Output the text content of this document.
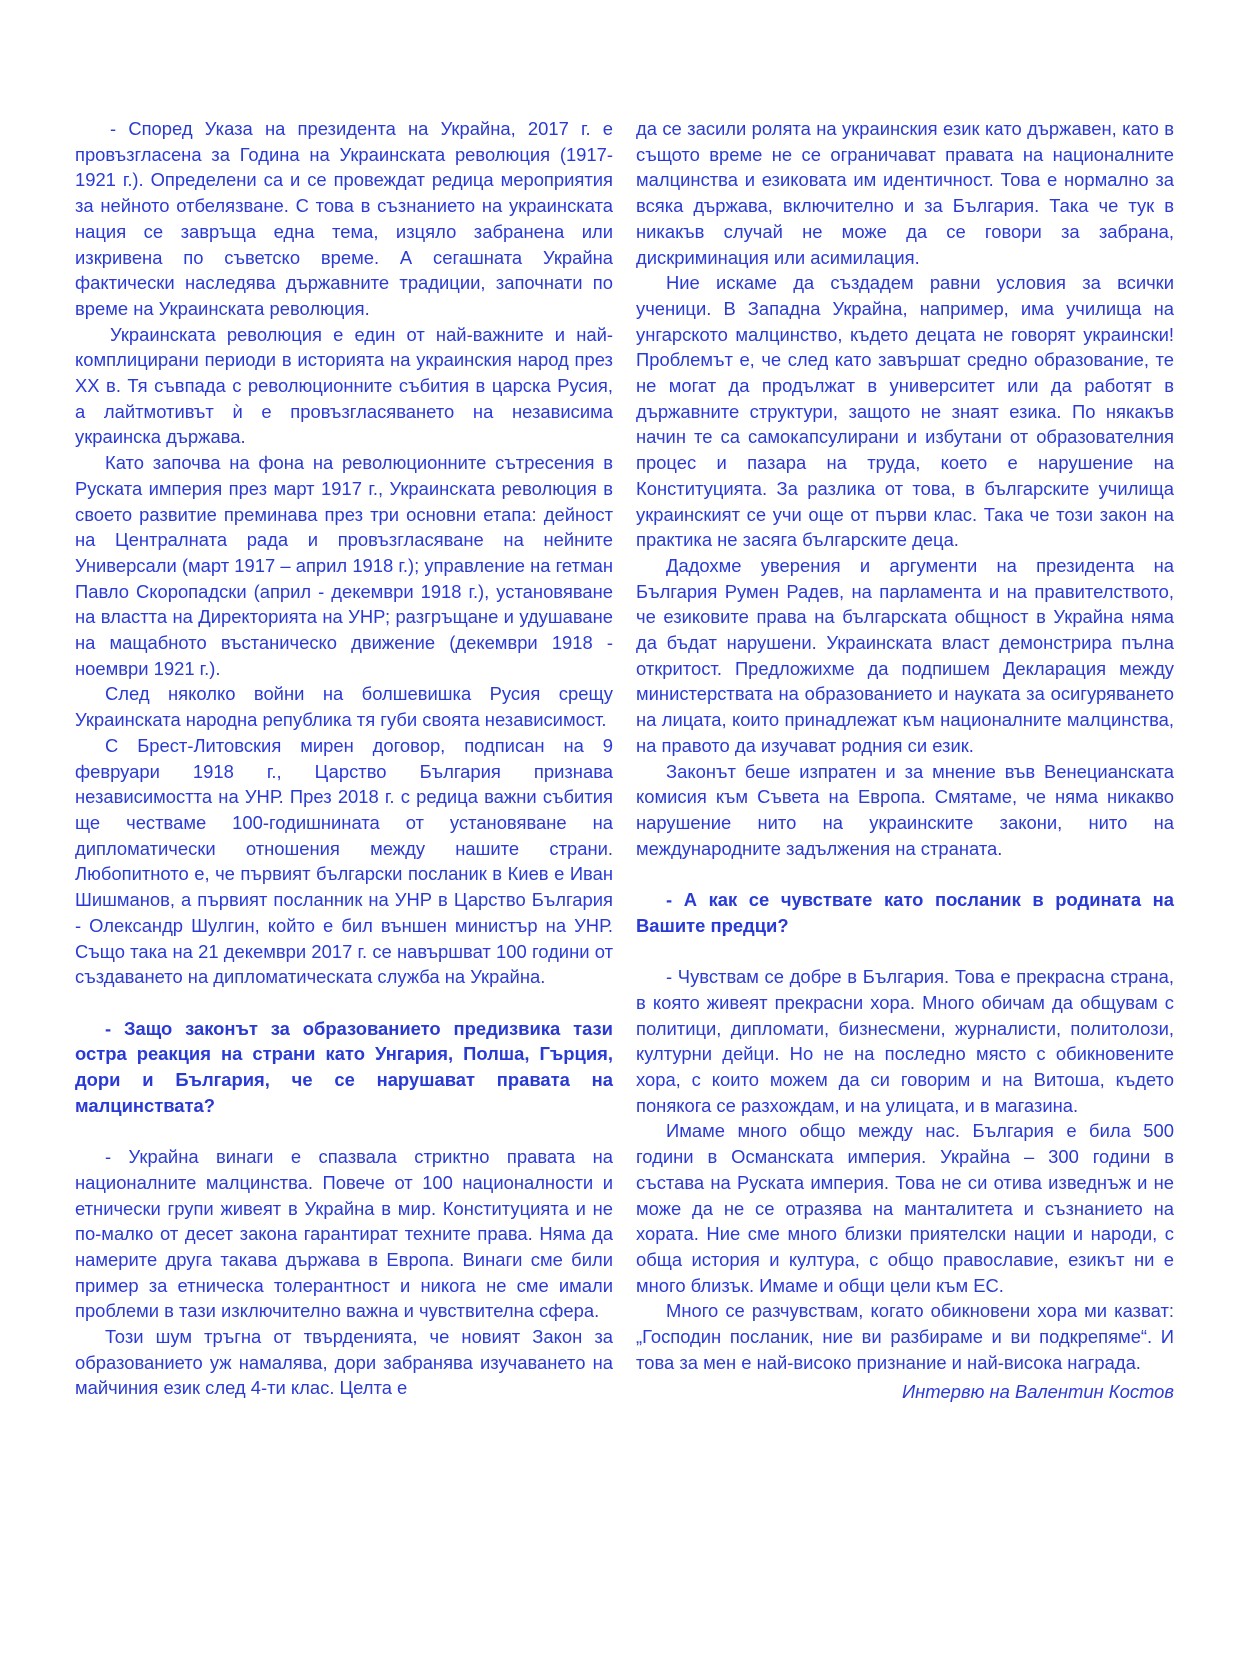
- Според Указа на президента на Украйна, 2017 г. е провъзгласена за Година на Украинската революция (1917-1921 г.). Определени са и се провеждат редица мероприятия за нейното отбелязване. С това в съзнанието на украинската нация се завръща една тема, изцяло забранена или изкривена по съветско време. А сегашната Украйна фактически наследява държавните традиции, започнати по време на Украинската революция.

Украинската революция е един от най-важните и най-комплицирани периоди в историята на украинския народ през ХХ в. Тя съвпада с революционните събития в царска Русия, а лайтмотивът ѝ е провъзгласяването на независима украинска държава.

Като започва на фона на революционните сътресения в Руската империя през март 1917 г., Украинската революция в своето развитие преминава през три основни етапа: дейност на Централната рада и провъзгласяване на нейните Универсали (март 1917 – април 1918 г.); управление на гетман Павло Скоропадски (април - декември 1918 г.), установяване на властта на Директорията на УНР; разгръщане и удушаване на мащабното въстаническо движение (декември 1918 - ноември 1921 г.).

След няколко войни на болшевишка Русия срещу Украинската народна република тя губи своята независимост.

С Брест-Литовския мирен договор, подписан на 9 февруари 1918 г., Царство България признава независимостта на УНР. През 2018 г. с редица важни събития ще честваме 100-годишнината от установяване на дипломатически отношения между нашите страни. Любопитното е, че първият български посланик в Киев е Иван Шишманов, а първият посланник на УНР в Царство България - Олександр Шулгин, който е бил външен министър на УНР. Също така на 21 декември 2017 г. се навършват 100 години от създаването на дипломатическата служба на Украйна.

- Защо законът за образованието предизвика тази остра реакция на страни като Унгария, Полша, Гърция, дори и България, че се нарушават правата на малцинствата?

- Украйна винаги е спазвала стриктно правата на националните малцинства. Повече от 100 националности и етнически групи живеят в Украйна в мир. Конституцията и не по-малко от десет закона гарантират техните права. Няма да намерите друга такава държава в Европа. Винаги сме били пример за етническа толерантност и никога не сме имали проблеми в тази изключително важна и чувствителна сфера.

Този шум тръгна от твърденията, че новият Закон за образованието уж намалява, дори забранява изучаването на майчиния език след 4-ти клас. Целта е

да се засили ролята на украинския език като държавен, като в същото време не се ограничават правата на националните малцинства и езиковата им идентичност. Това е нормално за всяка държава, включително и за България. Така че тук в никакъв случай не може да се говори за забрана, дискриминация или асимилация.

Ние искаме да създадем равни условия за всички ученици. В Западна Украйна, например, има училища на унгарското малцинство, където децата не говорят украински! Проблемът е, че след като завършат средно образование, те не могат да продължат в университет или да работят в държавните структури, защото не знаят езика. По някакъв начин те са самокапсулирани и избутани от образователния процес и пазара на труда, което е нарушение на Конституцията. За разлика от това, в българските училища украинският се учи още от първи клас. Така че този закон на практика не засяга българските деца.

Дадохме уверения и аргументи на президента на България Румен Радев, на парламента и на правителството, че езиковите права на българската общност в Украйна няма да бъдат нарушени. Украинската власт демонстрира пълна откритост. Предложихме да подпишем Декларация между министерствата на образованието и науката за осигуряването на лицата, които принадлежат към националните малцинства, на правото да изучават родния си език.

Законът беше изпратен и за мнение във Венецианската комисия към Съвета на Европа. Смятаме, че няма никакво нарушение нито на украинските закони, нито на международните задължения на страната.

- А как се чувствате като посланик в родината на Вашите предци?

- Чувствам се добре в България. Това е прекрасна страна, в която живеят прекрасни хора. Много обичам да общувам с политици, дипломати, бизнесмени, журналисти, политолози, културни дейци. Но не на последно място с обикновените хора, с които можем да си говорим и на Витоша, където понякога се разхождам, и на улицата, и в магазина.

Имаме много общо между нас. България е била 500 години в Османската империя. Украйна – 300 години в състава на Руската империя. Това не си отива изведнъж и не може да не се отразява на манталитета и съзнанието на хората. Ние сме много близки приятелски нации и народи, с обща история и култура, с общо православие, езикът ни е много близък. Имаме и общи цели към ЕС.

Много се разчувствам, когато обикновени хора ми казват: „Господин посланик, ние ви разбираме и ви подкрепяме“. И това за мен е най-високо признание и най-висока награда.

Интервю на Валентин Костов
